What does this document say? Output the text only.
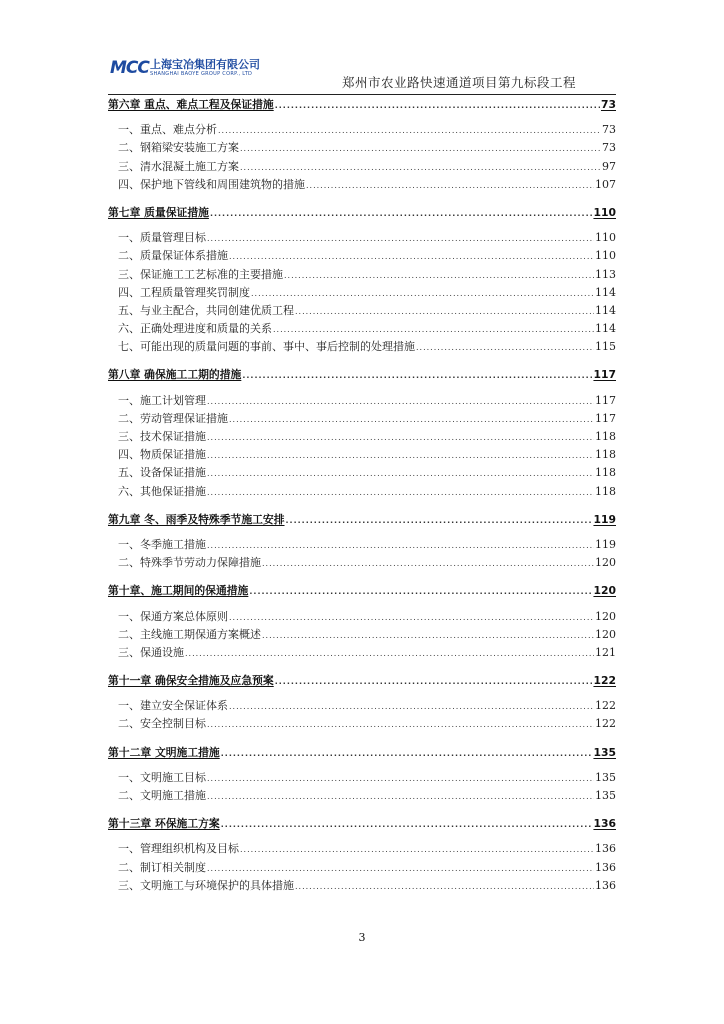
MCC 上海宝冶集团有限公司
SHANGHAI BAOYE GROUP CORP., LTD
郑州市农业路快速通道项目第九标段工程
第六章 重点、难点工程及保证措施 .....	73
一、重点、难点分析 .....	73
二、钢箱梁安装施工方案 .....	73
三、清水混凝土施工方案 .....	97
四、保护地下管线和周围建筑物的措施 .....	107
第七章 质量保证措施 .....	110
一、质量管理目标 .....	110
二、质量保证体系措施 .....	110
三、保证施工工艺标准的主要措施 .....	113
四、工程质量管理奖罚制度 .....	114
五、与业主配合，共同创建优质工程 .....	114
六、正确处理进度和质量的关系 .....	114
七、可能出现的质量问题的事前、事中、事后控制的处理措施 .....	115
第八章 确保施工工期的措施 .....	117
一、施工计划管理 .....	117
二、劳动管理保证措施 .....	117
三、技术保证措施 .....	118
四、物质保证措施 .....	118
五、设备保证措施 .....	118
六、其他保证措施 .....	118
第九章 冬、雨季及特殊季节施工安排 .....	119
一、冬季施工措施 .....	119
二、特殊季节劳动力保障措施 .....	120
第十章、施工期间的保通措施 .....	120
一、保通方案总体原则 .....	120
二、主线施工期保通方案概述 .....	120
三、保通设施 .....	121
第十一章 确保安全措施及应急预案 .....	122
一、建立安全保证体系 .....	122
二、安全控制目标 .....	122
第十二章 文明施工措施 .....	135
一、文明施工目标 .....	135
二、文明施工措施 .....	135
第十三章 环保施工方案 .....	136
一、管理组织机构及目标 .....	136
二、制订相关制度 .....	136
三、文明施工与环境保护的具体措施 .....	136
3
